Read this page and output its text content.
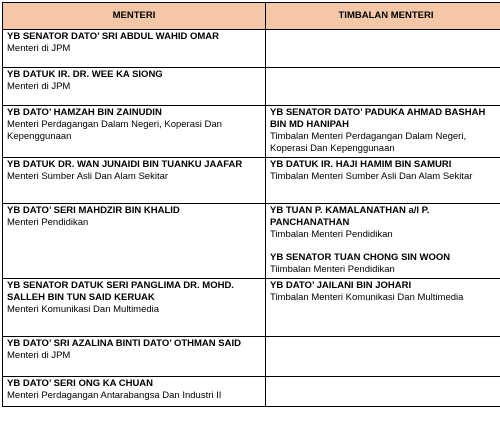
MENTERI	TIMBALAN MENTERI

YB SENATOR DATO’ SRI ABDUL WAHID OMAR
Menteri di JPM	

YB DATUK IR. DR. WEE KA SIONG
Menteri di JPM	

YB DATO’ HAMZAH BIN ZAINUDIN
Menteri Perdagangan Dalam Negeri, Koperasi Dan Kepenggunaan	YB SENATOR DATO’ PADUKA AHMAD BASHAH BIN MD HANIPAH
Timbalan Menteri Perdagangan Dalam Negeri, Koperasi Dan Kepenggunaan

YB DATUK DR. WAN JUNAIDI BIN TUANKU JAAFAR
Menteri Sumber Asli Dan Alam Sekitar	YB DATUK IR. HAJI HAMIM BIN SAMURI
Timbalan Menteri Sumber Asli Dan Alam Sekitar

YB DATO’ SERI MAHDZIR BIN KHALID
Menteri Pendidikan	YB TUAN P. KAMALANATHAN a/l P. PANCHANATHAN
Timbalan Menteri Pendidikan
YB SENATOR TUAN CHONG SIN WOON
Tiimbalan Menteri Pendidikan

YB SENATOR DATUK SERI PANGLIMA DR. MOHD. SALLEH BIN TUN SAID KERUAK
Menteri Komunikasi Dan Multimedia	YB DATO’ JAILANI BIN JOHARI
Timbalan Menteri Komunikasi Dan Multimedia

YB DATO’ SRI AZALINA BINTI DATO’ OTHMAN SAID
Menteri di JPM	

YB DATO’ SERI ONG KA CHUAN
Menteri Perdagangan Antarabangsa Dan Industri II	
